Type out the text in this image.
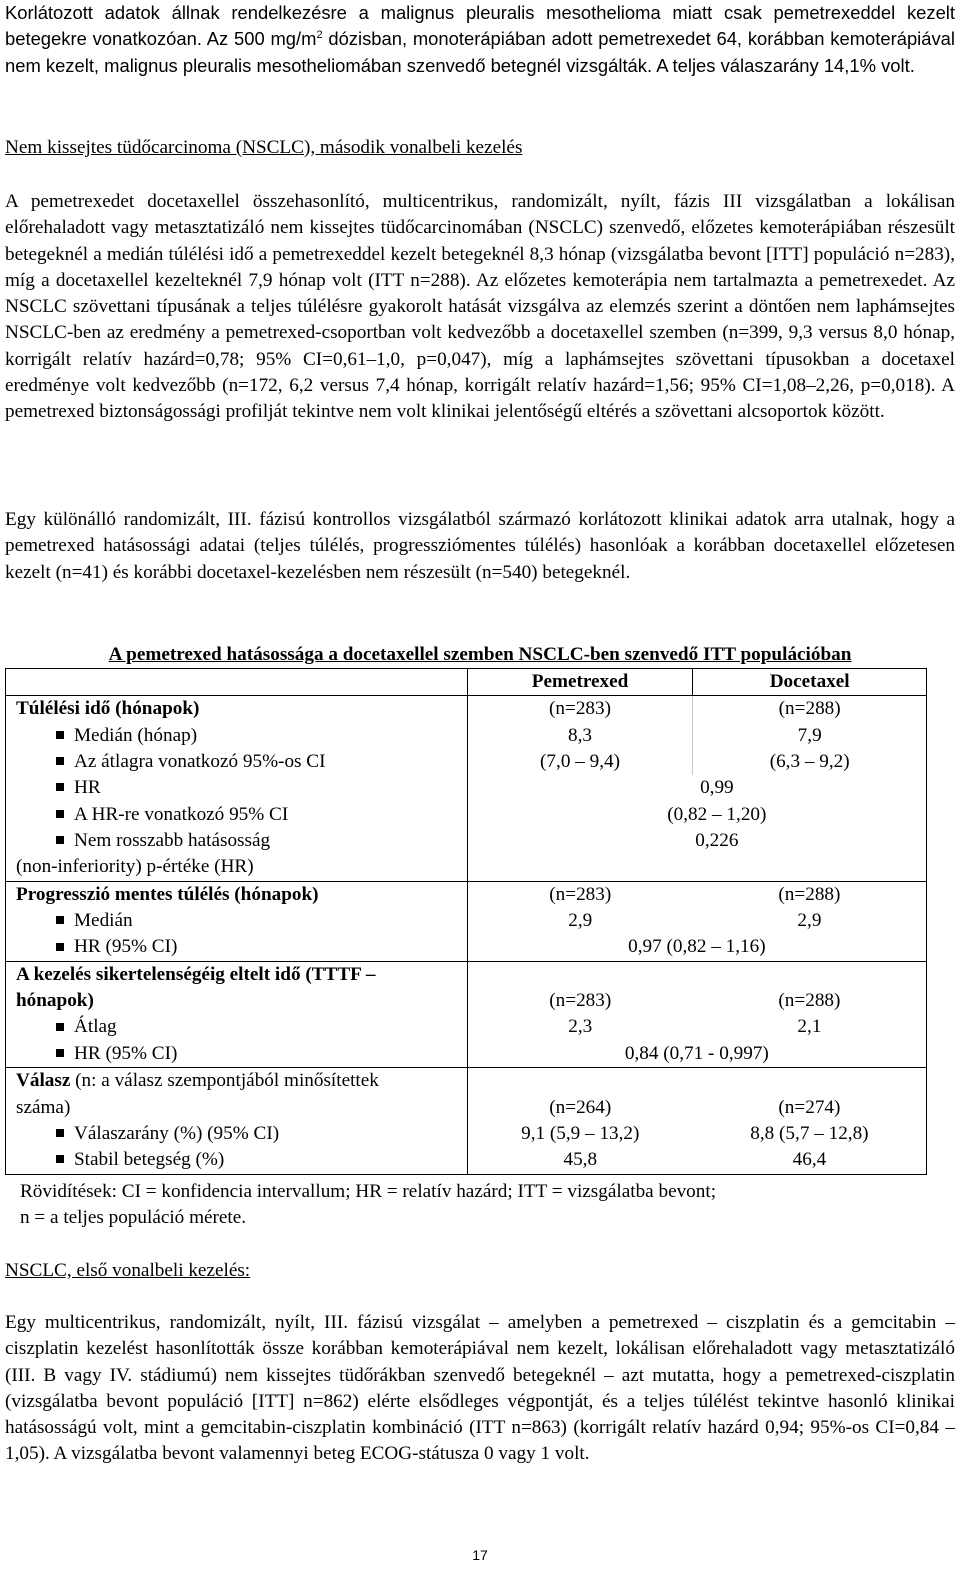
Korlátozott adatok állnak rendelkezésre a malignus pleuralis mesothelioma miatt csak pemetrexeddel kezelt betegekre vonatkozóan. Az 500 $mg/m^2$ dózisban, monoterápiában adott pemetrexedet 64, korábban kemoterápiával nem kezelt, malignus pleuralis mesotheliomában szenvedő betegnél vizsgálták. A teljes válaszarány 14,1% volt.

Nem kissejtes tüdőcarcinoma (NSCLC), második vonalbeli kezelés

A pemetrexedet docetaxellel összehasonlító, multicentrikus, randomizált, nyílt, fázis III vizsgálatban a lokálisan előrehaladott vagy metasztatizáló nem kissejtes tüdőcarcinomában (NSCLC) szenvedő, előzetes kemoterápiában részesült betegeknél a medián túlélési idő a pemetrexeddel kezelt betegeknél 8,3 hónap (vizsgálatba bevont [ITT] populáció n=283), míg a docetaxellel kezelteknél 7,9 hónap volt (ITT n=288). Az előzetes kemoterápia nem tartalmazta a pemetrexedet. Az NSCLC szövettani típusának a teljes túlélésre gyakorolt hatását vizsgálva az elemzés szerint a döntően nem laphámsejtes NSCLC-ben az eredmény a pemetrexed-csoportban volt kedvezőbb a docetaxellel szemben (n=399, 9,3 versus 8,0 hónap, korrigált relatív hazárd=0,78; 95% CI=0,61–1,0, p=0,047), míg a laphámsejtes szövettani típusokban a docetaxel eredménye volt kedvezőbb (n=172, 6,2 versus 7,4 hónap, korrigált relatív hazárd=1,56; 95% CI=1,08–2,26, p=0,018). A pemetrexed biztonságossági profilját tekintve nem volt klinikai jelentőségű eltérés a szövettani alcsoportok között.

Egy különálló randomizált, III. fázisú kontrollos vizsgálatból származó korlátozott klinikai adatok arra utalnak, hogy a pemetrexed hatásossági adatai (teljes túlélés, progressziómentes túlélés) hasonlóak a korábban docetaxellel előzetesen kezelt (n=41) és korábbi docetaxel-kezelésben nem részesült (n=540) betegeknél.

A pemetrexed hatásossága a docetaxellel szemben NSCLC-ben szenvedő ITT populációban

	Pemetrexed	Docetaxel
Túlélési idő (hónapok)	(n=283)	(n=288)
Medián (hónap)	8,3	7,9
Az átlagra vonatkozó 95%-os CI	(7,0 – 9,4)	(6,3 – 9,2)
HR	0,99	
A HR-re vonatkozó 95% CI	(0,82 – 1,20)	
Nem rosszabb hatásosság	0,226	
(non-inferiority) p-értéke (HR)		
Progresszió mentes túlélés (hónapok)	(n=283)	(n=288)
Medián	2,9	2,9
HR (95% CI)	0,97 (0,82 – 1,16)	
A kezelés sikertelenségéig eltelt idő (TTTF –		
hónapok)	(n=283)	(n=288)
Átlag	2,3	2,1
HR (95% CI)	0,84 (0,71 - 0,997)	
Válasz (n: a válasz szempontjából minősítettek		
száma)	(n=264)	(n=274)
Válaszarány (%) (95% CI)	9,1 (5,9 – 13,2)	8,8 (5,7 – 12,8)
Stabil betegség (%)	45,8	46,4
Rövidítések: CI = konfidencia intervallum; HR = relatív hazárd; ITT = vizsgálatba bevont;
n = a teljes populáció mérete.

NSCLC, első vonalbeli kezelés:

Egy multicentrikus, randomizált, nyílt, III. fázisú vizsgálat – amelyben a pemetrexed – ciszplatin és a gemcitabin – ciszplatin kezelést hasonlították össze korábban kemoterápiával nem kezelt, lokálisan előrehaladott vagy metasztatizáló (III. B vagy IV. stádiumú) nem kissejtes tüdőrákban szenvedő betegeknél – azt mutatta, hogy a pemetrexed-ciszplatin (vizsgálatba bevont populáció [ITT] n=862) elérte elsődleges végpontját, és a teljes túlélést tekintve hasonló klinikai hatásosságú volt, mint a gemcitabin-ciszplatin kombináció (ITT n=863) (korrigált relatív hazárd 0,94; 95%-os CI=0,84 –1,05). A vizsgálatba bevont valamennyi beteg ECOG-státusza 0 vagy 1 volt.

17
